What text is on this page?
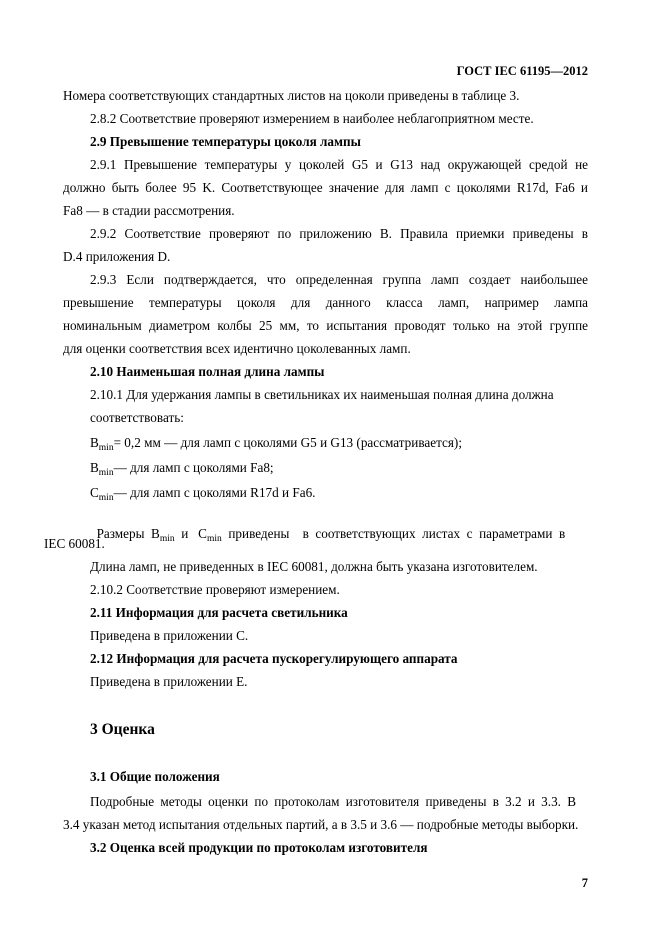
ГОСТ IEC 61195—2012
Номера соответствующих стандартных листов на цоколи приведены в таблице 3.
2.8.2 Соответствие проверяют измерением в наиболее неблагоприятном месте.
2.9 Превышение температуры цоколя лампы
2.9.1 Превышение температуры у цоколей G5 и G13 над окружающей средой не
должно быть более 95 K. Соответствующее значение для ламп с цоколями R17d, Fa6 и
Fa8 — в стадии рассмотрения.
2.9.2 Соответствие проверяют по приложению B. Правила приемки приведены в
D.4 приложения D.
2.9.3 Если подтверждается, что определенная группа ламп создает наибольшее
превышение температуры цоколя для данного класса ламп, например лампа
номинальным диаметром колбы 25 мм, то испытания проводят только на этой группе
для оценки соответствия всех идентично цоколеванных ламп.
2.10 Наименьшая полная длина лампы
2.10.1 Для удержания лампы в светильниках их наименьшая полная длина должна
соответствовать:
$B_{min}= 0,2$ мм — для ламп с цоколями G5 и G13 (рассматривается);
$B_{min}—$ для ламп с цоколями Fa8;
$C_{min}—$ для ламп с цоколями R17d и Fa6.

Размеры  $B_{min}$  и   $C_{min}$  приведены    в  соответствующих  листах  с  параметрами  в

IEC 60081.
Длина ламп, не приведенных в IEC 60081, должна быть указана изготовителем.
2.10.2 Соответствие проверяют измерением.
2.11 Информация для расчета светильника
Приведена в приложении C.
2.12 Информация для расчета пускорегулирующего аппарата
Приведена в приложении E.
3 Оценка
3.1 Общие положения
Подробные методы оценки по протоколам изготовителя приведены в 3.2 и 3.3. В
3.4 указан метод испытания отдельных партий, а в 3.5 и 3.6 — подробные методы выборки.
3.2 Оценка всей продукции по протоколам изготовителя
7
